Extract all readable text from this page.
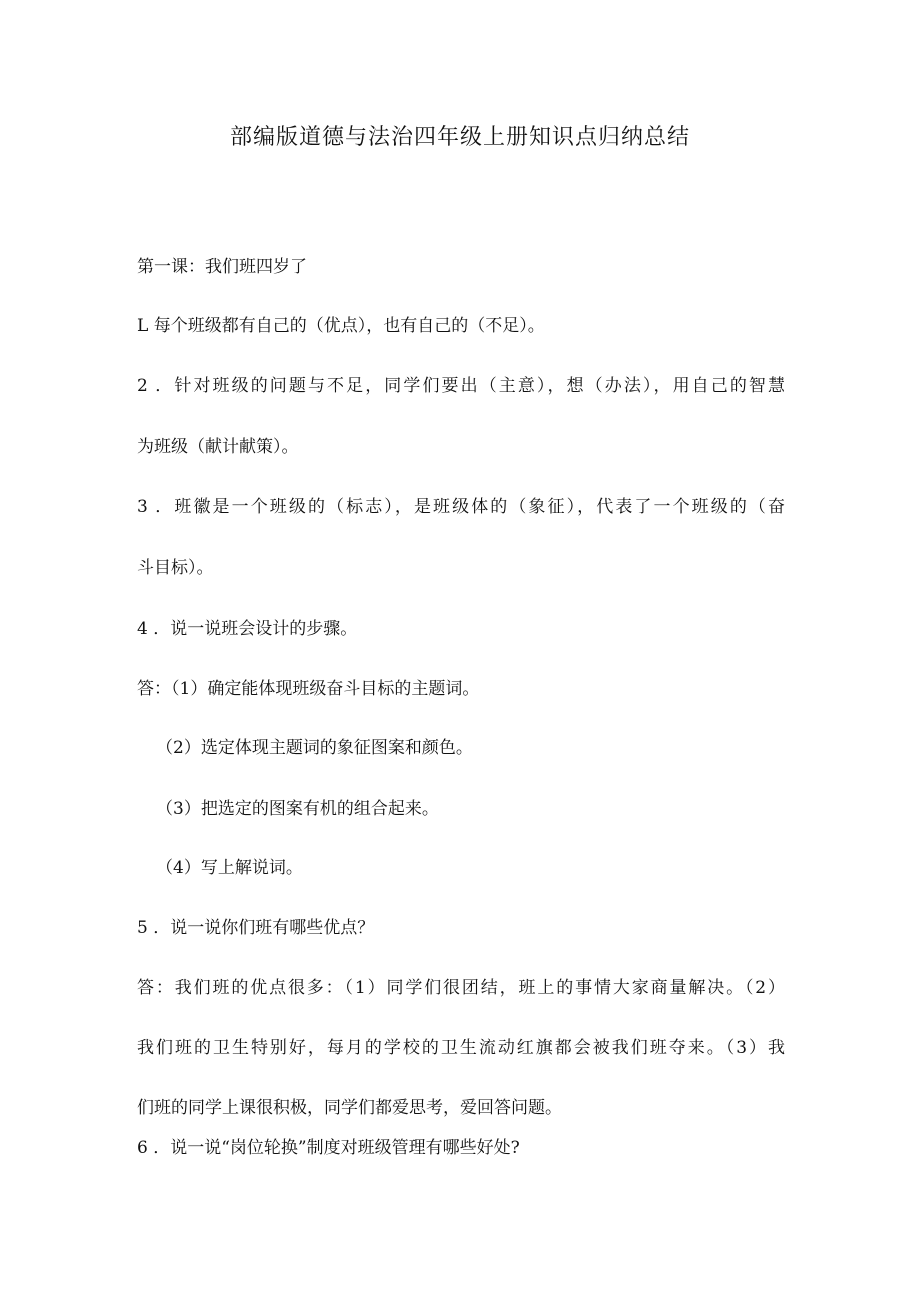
部编版道德与法治四年级上册知识点归纳总结
第一课：我们班四岁了
L 每个班级都有自己的（优点），也有自己的（不足）。
2 ．针对班级的问题与不足，同学们要出（主意），想（办法），用自己的智慧
为班级（献计献策）。
3 ．班徽是一个班级的（标志），是班级体的（象征），代表了一个班级的（奋
斗目标）。
4 ．说一说班会设计的步骤。
答：（1）确定能体现班级奋斗目标的主题词。
（2）选定体现主题词的象征图案和颜色。
（3）把选定的图案有机的组合起来。
（4）写上解说词。
5 ．说一说你们班有哪些优点？
答：我们班的优点很多：（1）同学们很团结，班上的事情大家商量解决。（2）
我们班的卫生特别好，每月的学校的卫生流动红旗都会被我们班夺来。（3）我
们班的同学上课很积极，同学们都爱思考，爱回答问题。
6 ．说一说“岗位轮换”制度对班级管理有哪些好处?
